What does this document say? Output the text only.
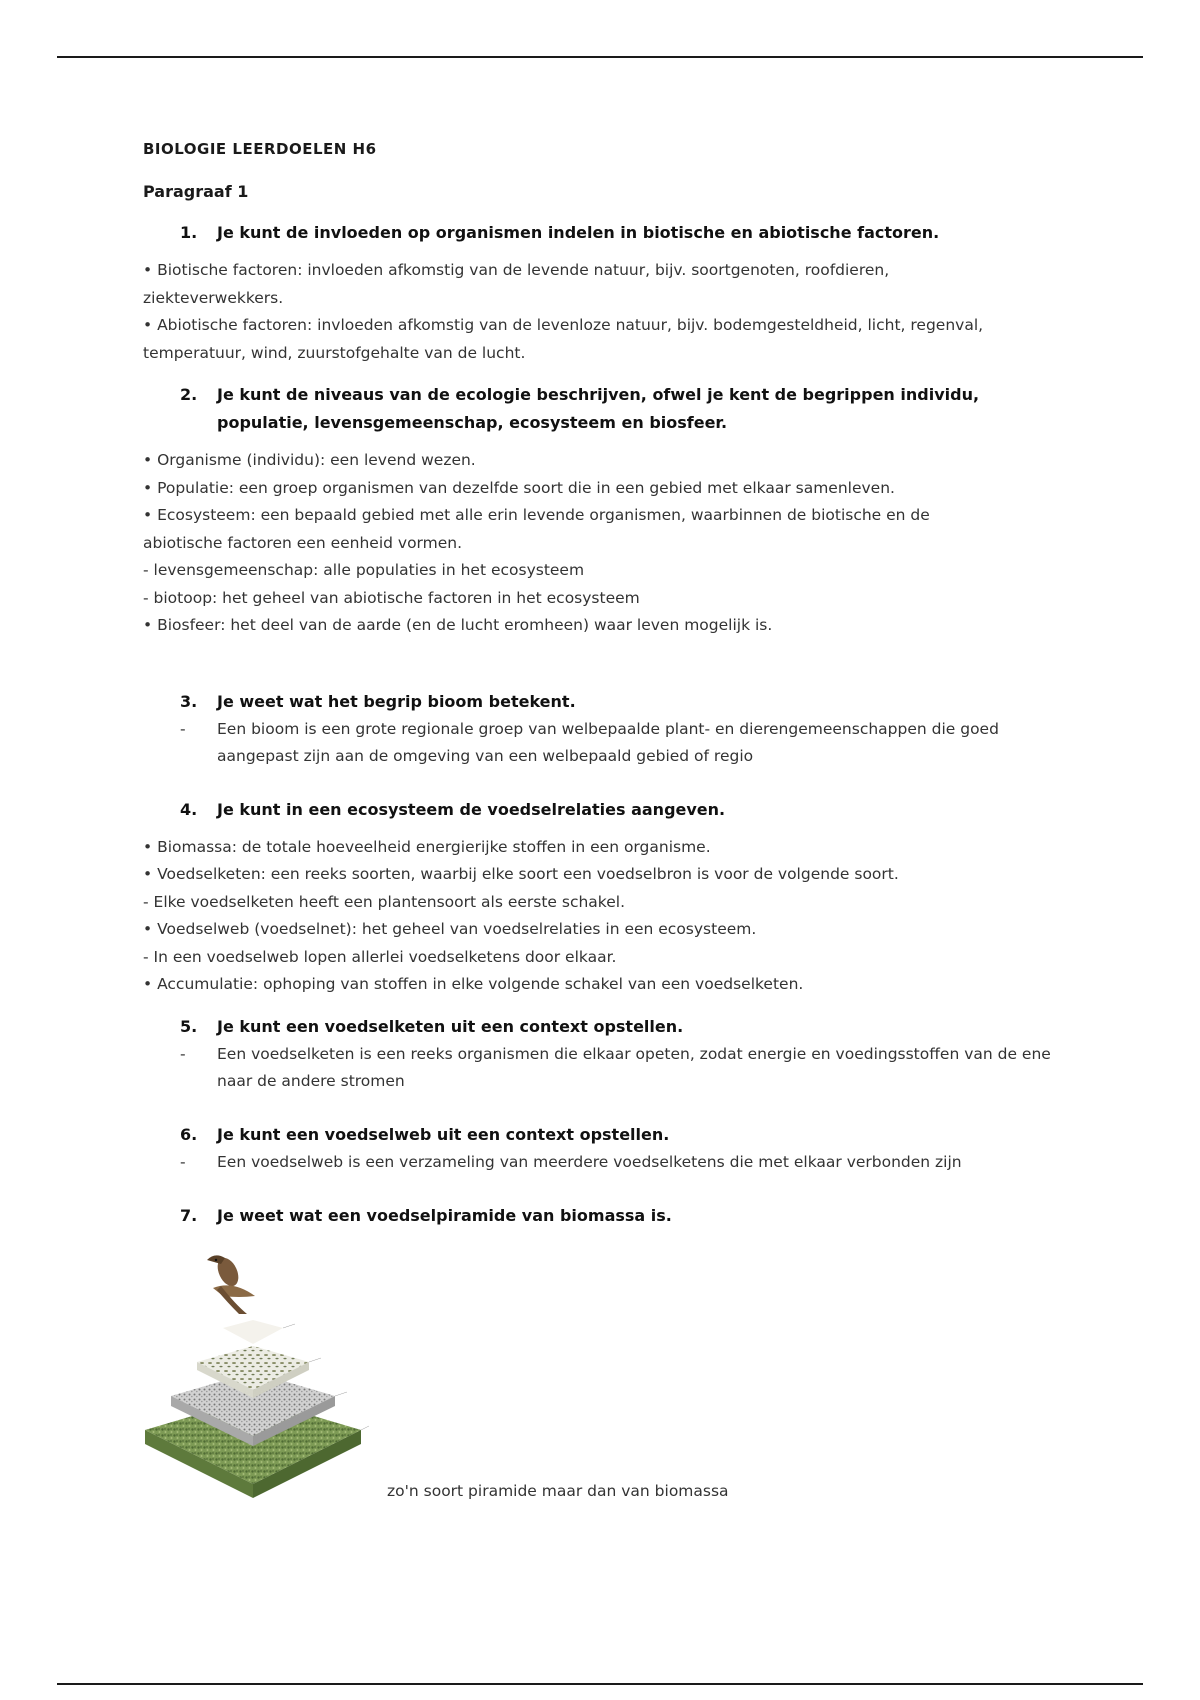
BIOLOGIE LEERDOELEN H6
Paragraaf 1
1.	Je kunt de invloeden op organismen indelen in biotische en abiotische factoren.
• Biotische factoren: invloeden afkomstig van de levende natuur, bijv. soortgenoten, roofdieren,
ziekteverwekkers.
• Abiotische factoren: invloeden afkomstig van de levenloze natuur, bijv. bodemgesteldheid, licht, regenval,
temperatuur, wind, zuurstofgehalte van de lucht.
2.	Je kunt de niveaus van de ecologie beschrijven, ofwel je kent de begrippen individu, populatie, levensgemeenschap, ecosysteem en biosfeer.
• Organisme (individu): een levend wezen.
• Populatie: een groep organismen van dezelfde soort die in een gebied met elkaar samenleven.
• Ecosysteem: een bepaald gebied met alle erin levende organismen, waarbinnen de biotische en de
abiotische factoren een eenheid vormen.
- levensgemeenschap: alle populaties in het ecosysteem
- biotoop: het geheel van abiotische factoren in het ecosysteem
• Biosfeer: het deel van de aarde (en de lucht eromheen) waar leven mogelijk is.
3.	Je weet wat het begrip bioom betekent.
-	Een bioom is een grote regionale groep van welbepaalde plant- en dierengemeenschappen die goed aangepast zijn aan de omgeving van een welbepaald gebied of regio
4.	Je kunt in een ecosysteem de voedselrelaties aangeven.
• Biomassa: de totale hoeveelheid energierijke stoffen in een organisme.
• Voedselketen: een reeks soorten, waarbij elke soort een voedselbron is voor de volgende soort.
- Elke voedselketen heeft een plantensoort als eerste schakel.
• Voedselweb (voedselnet): het geheel van voedselrelaties in een ecosysteem.
- In een voedselweb lopen allerlei voedselketens door elkaar.
• Accumulatie: ophoping van stoffen in elke volgende schakel van een voedselketen.
5.	Je kunt een voedselketen uit een context opstellen.
-	Een voedselketen is een reeks organismen die elkaar opeten, zodat energie en voedingsstoffen van de ene naar de andere stromen
6.	Je kunt een voedselweb uit een context opstellen.
-	Een voedselweb is een verzameling van meerdere voedselketens die met elkaar verbonden zijn
7.	Je weet wat een voedselpiramide van biomassa is.
zo'n soort piramide maar dan van biomassa
